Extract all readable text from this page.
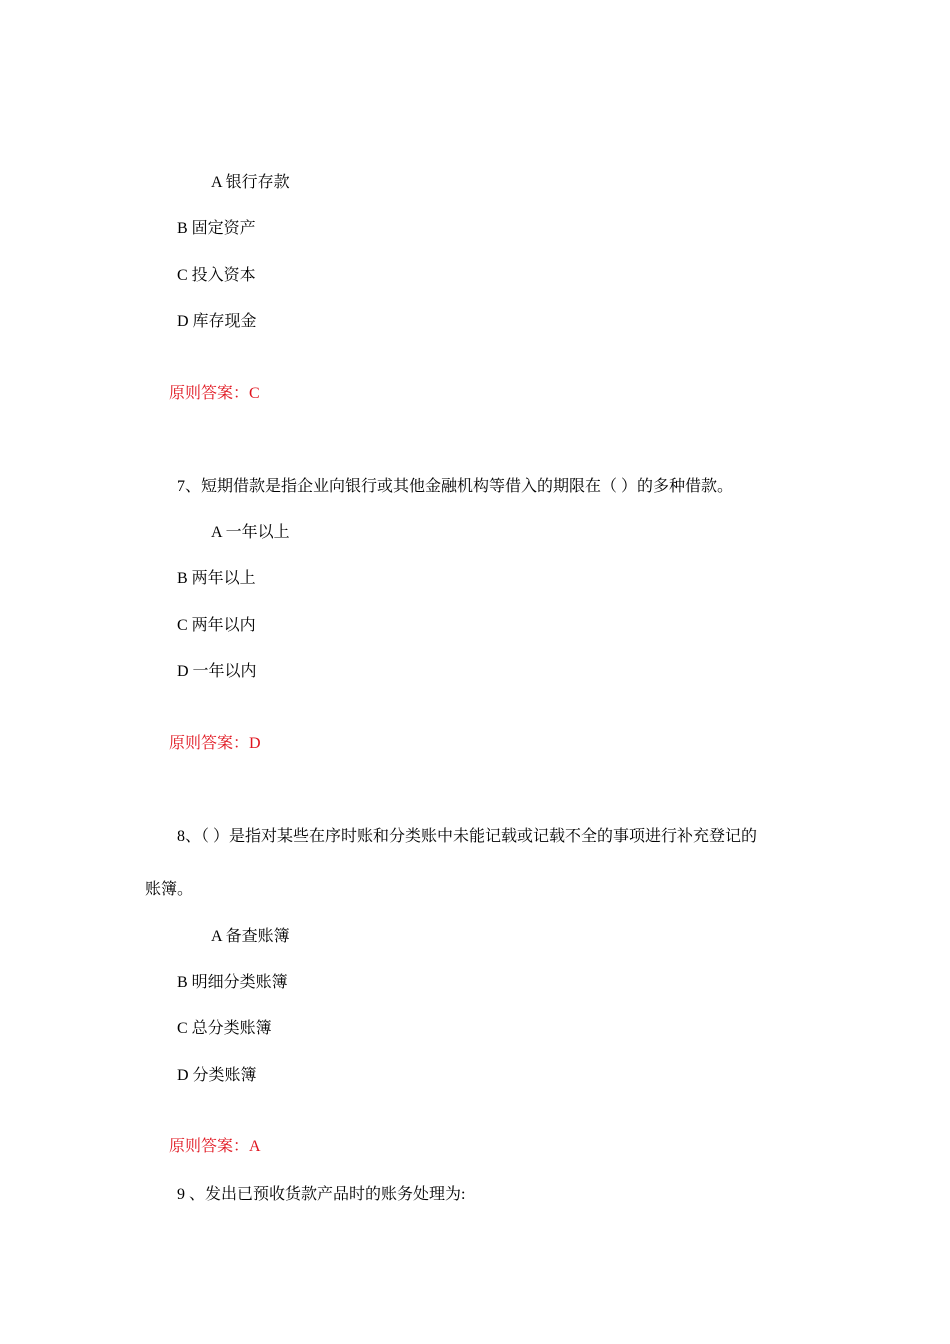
A 银行存款
B 固定资产
C 投入资本
D 库存现金
原则答案：C
7、短期借款是指企业向银行或其他金融机构等借入的期限在（ ）的多种借款。
A 一年以上
B 两年以上
C 两年以内
D 一年以内
原则答案：D
8、（ ）是指对某些在序时账和分类账中未能记载或记载不全的事项进行补充登记的
账簿。
A 备查账簿
B 明细分类账簿
C 总分类账簿
D 分类账簿
原则答案：A
9 、发出已预收货款产品时的账务处理为:
